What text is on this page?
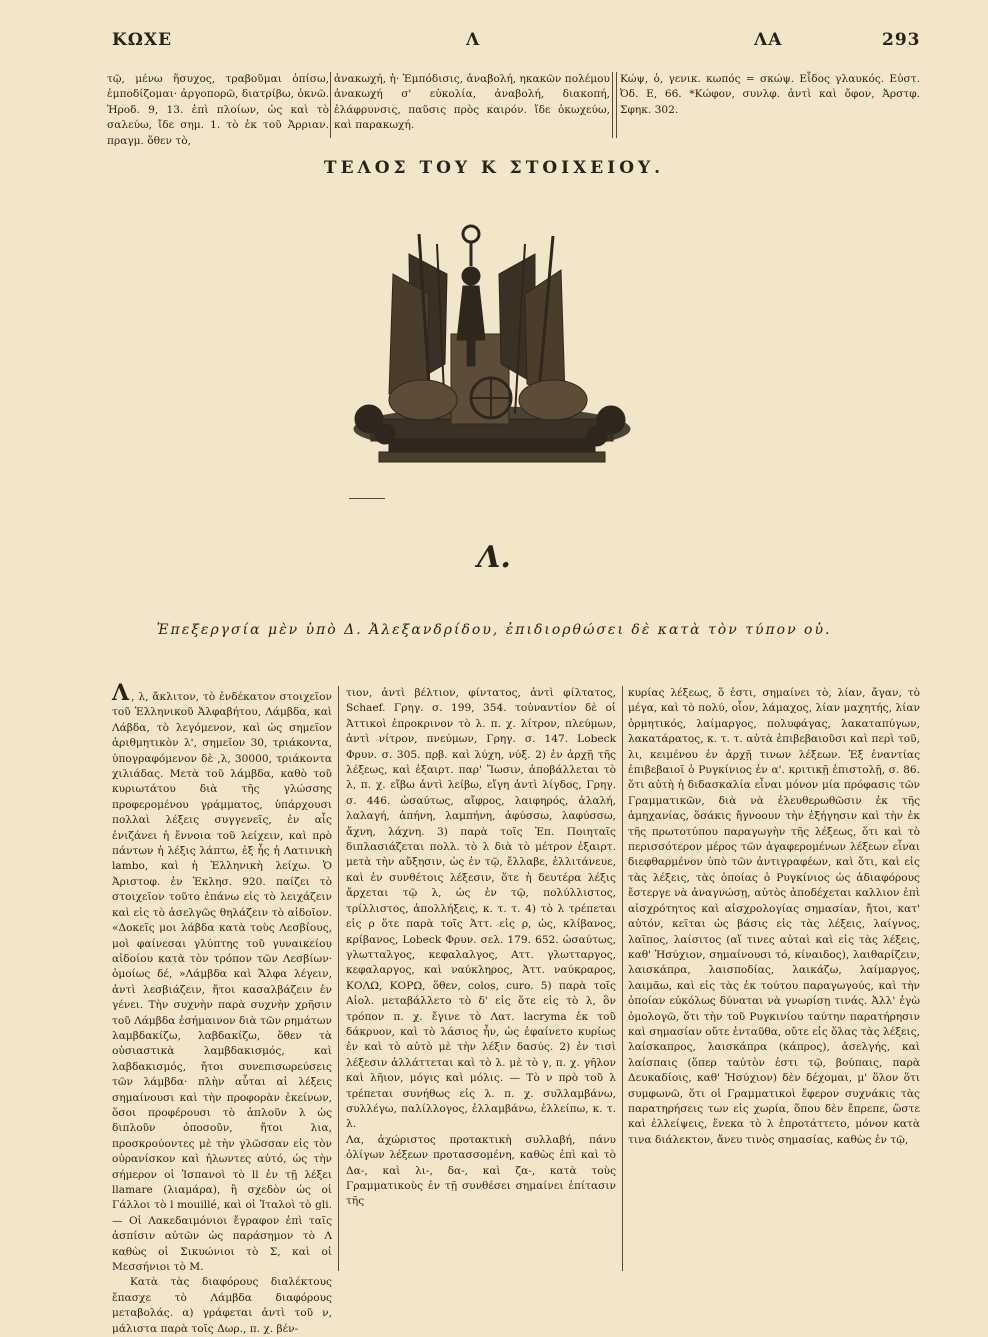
ΚΩΧΕ	Λ	ΛΑ	293
τῷ, μένω ἥσυχος, τραβοῦμαι ὀπίσω, ἐμποδίζομαι· ἀργοπορῶ, διατρίβω, ὀκνῶ. Ἡροδ. 9, 13. ἐπὶ πλοίων, ὡς καὶ τὸ σαλεύω, ἴδε σημ. 1. τὸ ἐκ τοῦ Ἀρριαν. πραγμ. ὅθεν τὸ,
ἀνακωχή, ἡ· Ἐμπόδισις, ἀναβολή, ηκακῶν πολέμου ἀνακωχή σ' εὐκολία, ἀναβολή, διακοπή, ἐλάφρυνσις, παῦσις πρὸς καιρόν. ἴδε ὀκωχεύω, καὶ παρακωχή.
Κώψ, ὁ, γενικ. κωπός = σκώψ. Εἶδος γλαυκός. Εὐστ. Ὀδ. Ε, 66. *Κώφον, συνλφ. ἀντὶ καὶ ὄφον, Ἀρστφ. Σφηκ. 302.
ΤΕΛΟΣ ΤΟΥ Κ ΣΤΟΙΧΕΙΟΥ.
Λ.
Ἐπεξεργσία μὲν ὑπὸ Δ. Ἀλεξανδρίδου, ἐπιδιορθώσει δὲ κατὰ τὸν τύπον οὐ.

Λ , λ, ἄκλιτον, τὸ ἑνδέκατον στοιχεῖον τοῦ Ἑλληνικοῦ Ἀλφαβήτου, Λάμβδα, καὶ Λάβδα, τὸ λεγόμενον, καὶ ὡς σημεῖον ἀριθμητικὸν λ', σημεῖον 30, τριάκοντα, ὑπογραφόμενον δὲ ,λ, 30000, τριάκοντα χιλιάδας. Μετὰ τοῦ λάμβδα, καθὸ τοῦ κυριωτάτου διὰ τῆς γλώσσης προφερομένου γράμματος, ὑπάρχουσι πολλαὶ λέξεις συγγενεῖς, ἐν αἷς ἐνιζάνει ἡ ἔννοια τοῦ λείχειν, καὶ πρὸ πάντων ἡ λέξις λάπτω, ἐξ ἧς ἡ Λατινικὴ lambo, καὶ ἡ Ἑλληνικὴ λείχω. Ὁ Ἀριστοφ. ἐν Ἐκλησ. 920. παίζει τὸ στοιχεῖον τοῦτο ἐπάνω εἰς τὸ λειχάζειν καὶ εἰς τὸ ἀσελγῶς θηλάζειν τὸ αἰδοῖον. «Δοκεῖς μοι λάβδα κατὰ τοὺς Λεσβίους, μοὶ φαίνεσαι γλύπτης τοῦ γυναικείου αἰδοίου κατὰ τὸν τρόπον τῶν Λεσβίων· ὁμοίως δέ, »Λάμβδα καὶ Ἄλφα λέγειν, ἀντὶ λεσβιάζειν, ἤτοι κασαλβάζειν ἐν γένει. Τὴν συχνὴν παρὰ συχνὴν χρῆσιν τοῦ Λάμβδα ἐσήμαινον διὰ τῶν ρημάτων λαμβδακίζω, λαβδακίζω, ὅθεν τὰ οὐσιαστικὰ λαμβδακισμός, καὶ λαβδακισμός, ἤτοι συνεπισωρεύσεις τῶν λάμβδα· πλὴν αὗται αἱ λέξεις σημαίνουσι καὶ τὴν προφορὰν ἐκείνων, ὅσοι προφέρουσι τὸ ἁπλοῦν λ ὡς διπλοῦν ὁποσοῦν, ἤτοι λια, προσκρούοντες μὲ τὴν γλῶσσαν εἰς τὸν οὐρανίσκον καὶ ἠλωντες αὐτό, ὡς τὴν σήμερον οἱ Ἱσπανοὶ τὸ ll ἐν τῇ λέξει llamare (λιαμάρα), ἢ σχεδὸν ὡς οἱ Γάλλοι τὸ l mouillé, καὶ οἱ Ἰταλοὶ τὸ gli. — Οἱ Λακεδαιμόνιοι ἔγραφον ἐπὶ ταῖς ἀσπίσιν αὐτῶν ὡς παράσημον τὸ Λ καθὼς οἱ Σικυώνιοι τὸ Σ, καὶ οἱ Μεσσήνιοι τὸ Μ.

Κατὰ τὰς διαφόρους διαλέκτους ἔπασχε τὸ Λάμβδα διαφόρους μεταβολάς. α) γράφεται ἀντὶ τοῦ ν, μάλιστα παρὰ τοῖς Δωρ., π. χ. βέν-

τιον, ἀντὶ βέλτιον, φίντατος, ἀντὶ φίλτατος, Schaef. Γρηγ. σ. 199, 354. τοὐναντίον δὲ οἱ Ἀττικοὶ ἐπροκρινον τὸ λ. π. χ. λίτρον, πλεύμων, ἀντὶ νίτρον, πνεύμων, Γρηγ. σ. 147. Lobeck Φρυν. σ. 305. πρβ. καὶ λύχη, νύξ. 2) ἐν ἀρχῇ τῆς λέξεως, καὶ ἐξαιρτ. παρ' Ἴωσιν, ἀποβάλλεται τὸ λ, π. χ. εἴβω ἀντὶ λείβω, εἴγη ἀντὶ λίγδος, Γρηγ. σ. 446. ὡσαύτως, αἴφρος, λαιφηρός, ἀλαλή, λαλαγή, ἀπήνη, λαμπήνη, ἀφύσσω, λαφύσσω, ἄχνη, λάχνη. 3) παρὰ τοῖς Ἐπ. Ποιηταῖς διπλασιάζεται πολλ. τὸ λ διὰ τὸ μέτρον ἐξαιρτ. μετὰ τὴν αὔξησιν, ὡς ἐν τῷ, ἔλλαβε, ἐλλιτάνευε, καὶ ἐν συνθέτοις λέξεσιν, ὅτε ἡ δευτέρα λέξις ἄρχεται τῷ λ, ὡς ἐν τῷ, πολύλλιστος, τρίλλιστος, ἀπολλήξεις, κ. τ. τ. 4) τὸ λ τρέπεται εἰς ρ ὅτε παρὰ τοῖς Ἀττ. εἰς ρ, ὡς, κλίβανος, κρίβανος, Lobeck Φρυν. σελ. 179. 652. ὡσαύτως, γλωτταλγος, κεφαλαλγος, Αττ. γλωτταργος, κεφαλαργος, καὶ ναύκληρος, Ἀττ. ναύκραρος, ΚΟΛΩ, ΚΟΡΩ, ὅθεν, colos, curo. 5) παρὰ τοῖς Αἰολ. μεταβάλλετο τὸ δ' εἰς ὅτε εἰς τὸ λ, ὃν τρόπον π. χ. ἔγινε τὸ Λατ. lacryma ἐκ τοῦ δάκρυον, καὶ τὸ λάσιος ἦν, ὡς ἐφαίνετο κυρίως ἐν καὶ τὸ αὐτὸ μὲ τὴν λέξιν δασύς. 2) ἐν τισὶ λέξεσιν ἀλλάττεται καὶ τὸ λ. μὲ τὸ γ, π. χ. γῆλον καὶ λῆιον, μόγις καὶ μόλις. — Τὸ ν πρὸ τοῦ λ τρέπεται συνήθως εἰς λ. π. χ. συλλαμβάνω, συλλέγω, παλίλλογος, ἐλλαμβάνω, ἐλλείπω, κ. τ. λ.

Λα, ἀχώριστος προτακτικὴ συλλαβή, πάνυ ὀλίγων λέξεων προτασσομένη, καθὼς ἐπὶ καὶ τὸ Δα-, καὶ λι-, δα-, καὶ ζα-, κατὰ τοὺς Γραμματικοὺς ἐν τῇ συνθέσει σημαίνει ἐπίτασιν τῆς

κυρίας λέξεως, ὅ ἐστι, σημαίνει τὸ, λίαν, ἄγαν, τὸ μέγα, καὶ τὸ πολύ, οἷον, λάμαχος, λίαν μαχητής, λίαν ὁρμητικός, λαίμαργος, πολυφάγας, λακαταπύγων, λακατάρατος, κ. τ. τ. αὐτὰ ἐπιβεβαιοῦσι καὶ περὶ τοῦ, λι, κειμένου ἐν ἀρχῇ τινων λέξεων. Ἐξ ἐναντίας ἐπιβεβαιοῖ ὁ Ρυγκίνιος ἐν α'. κριτικῇ ἐπιστολῇ, σ. 86. ὅτι αὐτὴ ἡ διδασκαλία εἶναι μόνον μία πρόφασις τῶν Γραμματικῶν, διὰ νὰ ἐλευθερωθῶσιν ἐκ τῆς ἀμηχανίας, ὅσάκις ἤγνοουν τὴν ἐξήγησιν καὶ τὴν ἐκ τῆς πρωτοτύπου παραγωγὴν τῆς λέξεως, ὅτι καὶ τὸ περισσότερον μέρος τῶν ἀγαφερομένων λέξεων εἶναι διεφθαρμένον ὑπὸ τῶν ἀντιγραφέων, καὶ ὅτι, καὶ εἰς τὰς λέξεις, τὰς ὁποίας ὁ Ρυγκίνιος ὡς ἀδιαφόρους ἔστεργε νὰ ἀναγνώσῃ, αὐτὸς ἀποδέχεται καλλιον ἐπὶ αἰσχρότητος καὶ αἰσχρολογίας σημασίαν, ἤτοι, κατ' αὐτόν, κεῖται ὡς βάσις εἰς τὰς λέξεις, λαίγνος, λαῖπος, λαίσιτος (αἵ τινες αὐταὶ καὶ εἰς τὰς λέξεις, καθ' Ἡσύχιον, σημαίνουσι τό, κίναιδος), λαιθαρίζειν, λαισκάπρα, λαισποδίας, λαικάζω, λαίμαργος, λαιμᾶω, καὶ εἰς τὰς ἐκ τούτου παραγωγούς, καὶ τὴν ὁποίαν εὐκόλως δύναται νὰ γνωρίσῃ τινάς. Ἀλλ' ἐγὼ ὁμολογῶ, ὅτι τὴν τοῦ Ρυγκινίου ταύτην παρατήρησιν καὶ σημασίαν οὔτε ἐνταῦθα, οὔτε εἰς ὅλας τὰς λέξεις, λαίσκαπρος, λαισκάπρα (κάπρος), ἀσελγής, καὶ λαίσπαις (ὅπερ ταὐτὸν ἐστι τῷ, βούπαις, παρὰ Δευκαδίοις, καθ' Ἡσύχιον) δὲν δέχομαι, μ' ὅλον ὅτι συμφωνῶ, ὅτι οἱ Γραμματικοὶ ἔφερον συχνάκις τὰς παρατηρήσεις των εἰς χωρία, ὅπου δὲν ἔπρεπε, ὥστε καὶ ἐλλείψεις, ἕνεκα τὸ λ ἐπροτάττετο, μόνον κατὰ τινα διάλεκτον, ἄνευ τινὸς σημασίας, καθὼς ἐν τῷ,
